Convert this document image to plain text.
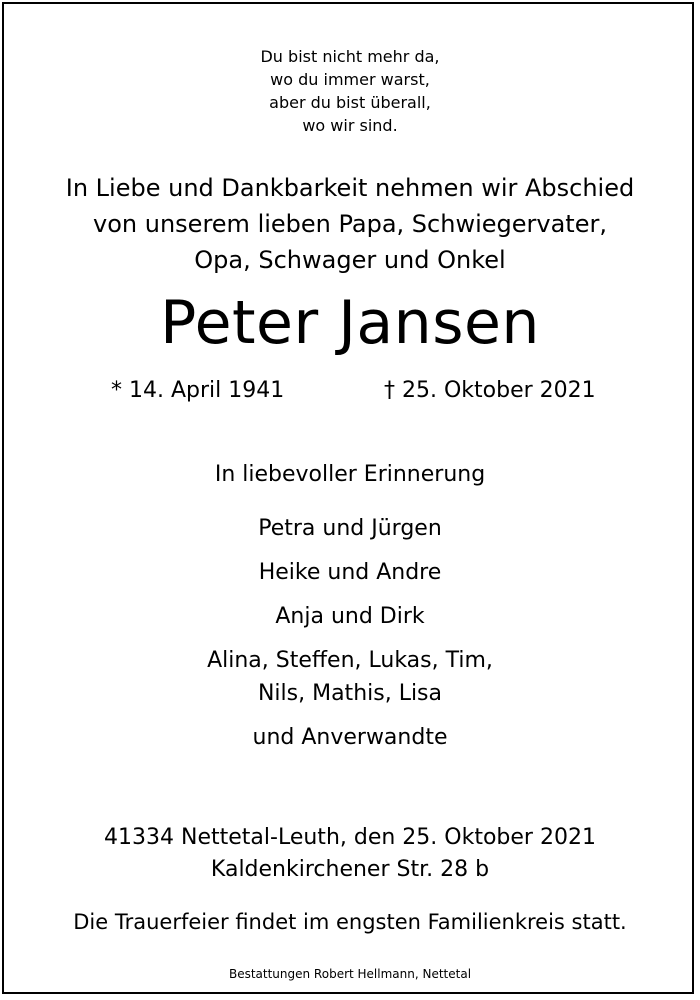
Du bist nicht mehr da,
wo du immer warst,
aber du bist überall,
wo wir sind.
In Liebe und Dankbarkeit nehmen wir Abschied
von unserem lieben Papa, Schwiegervater,
Opa, Schwager und Onkel
Peter Jansen
* 14. April 1941	† 25. Oktober 2021
In liebevoller Erinnerung
Petra und Jürgen
Heike und Andre
Anja und Dirk
Alina, Steffen, Lukas, Tim,
Nils, Mathis, Lisa
und Anverwandte
41334 Nettetal-Leuth, den 25. Oktober 2021
Kaldenkirchener Str. 28 b
Die Trauerfeier findet im engsten Familienkreis statt.
Bestattungen Robert Hellmann, Nettetal
